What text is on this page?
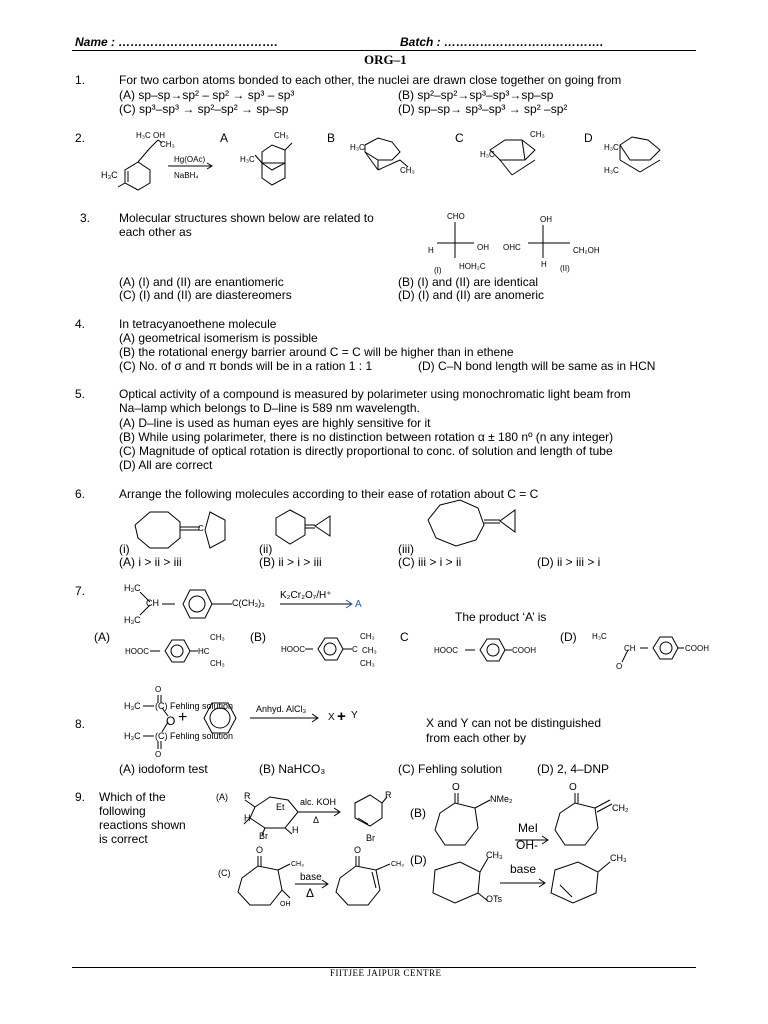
Name : ………………………………….	Batch : ………………………………….
ORG–1
1.	For two carbon atoms bonded to each other, the nuclei are drawn close together on going from
(A) sp–sp→sp² – sp² → sp³ – sp³	(B) sp²–sp²→sp³–sp³→sp–sp
(C) sp³–sp³ → sp²–sp² → sp–sp	(D) sp–sp→ sp³–sp³ → sp² –sp²
2.	H₃C OH
CH₃
H₃C
Hg(OAc)
NaBH₄
A	CH₃
H₃C
B
H₃C
CH₃
C	CH₃
H₃C
D
H₃C
H₃C
3. Molecular structures shown below are related to
each other as
CHO
H	OH
HOH₂C
(I)
OH
OHC	CH₂OH
H (II)
(A) (I) and (II) are enantiomeric	(B) (I) and (II) are identical
(C) (I) and (II) are diastereomers	(D) (I) and (II) are anomeric
4.	In tetracyanoethene molecule
(A) geometrical isomerism is possible
(B) the rotational energy barrier around C = C will be higher than in ethene
(C) No. of σ and π bonds will be in a ration 1 : 1	(D) C–N bond length will be same as in HCN
5.	Optical activity of a compound is measured by polarimeter using monochromatic light beam from
Na–lamp which belongs to D–line is 589 nm wavelength.
(A) D–line is used as human eyes are highly sensitive for it
(B) While using polarimeter, there is no distinction between rotation α ± 180 nº (n any integer)
(C) Magnitude of optical rotation is directly proportional to conc. of solution and length of tube
(D) All are correct
6.	Arrange the following molecules according to their ease of rotation about C = C
C
(i)	(ii)	(iii)
(A) i > ii > iii	(B) ii > i > iii	(C) iii > i > ii	(D) ii > iii > i
7.	H₃C
CH
H₃C
C(CH₃)₃
K₂Cr₂O₇/H⁺
A
The product ‘A’ is
(A)
HOOC	HC
CH₃
CH₃
(B)
HOOC	C
CH₃
CH₃
CH₃
C
HOOC	COOH
(D) H₃C
CH
O
COOH
8.
O
H₃C (C) Fehling solution
O +
H₃C (C) Fehling solution
O
Anhyd. AlCl₃
X + Y
X and Y can not be distinguished
from each other by
(A) iodoform test	(B) NaHCO₃	(C) Fehling solution	(D) 2, 4–DNP
9. Which of the
following
reactions shown
is correct
(A) R
H
Et
Br
H
alc. KOH
Δ
R
Br
(B)
O
NMe₂
MeI
OH-
O
CH₂
(C)
O
CH₃
OH
base
Δ
O
CH₃ (D)	CH₃
OTs
base
CH₃
FIITJEE JAIPUR CENTRE
